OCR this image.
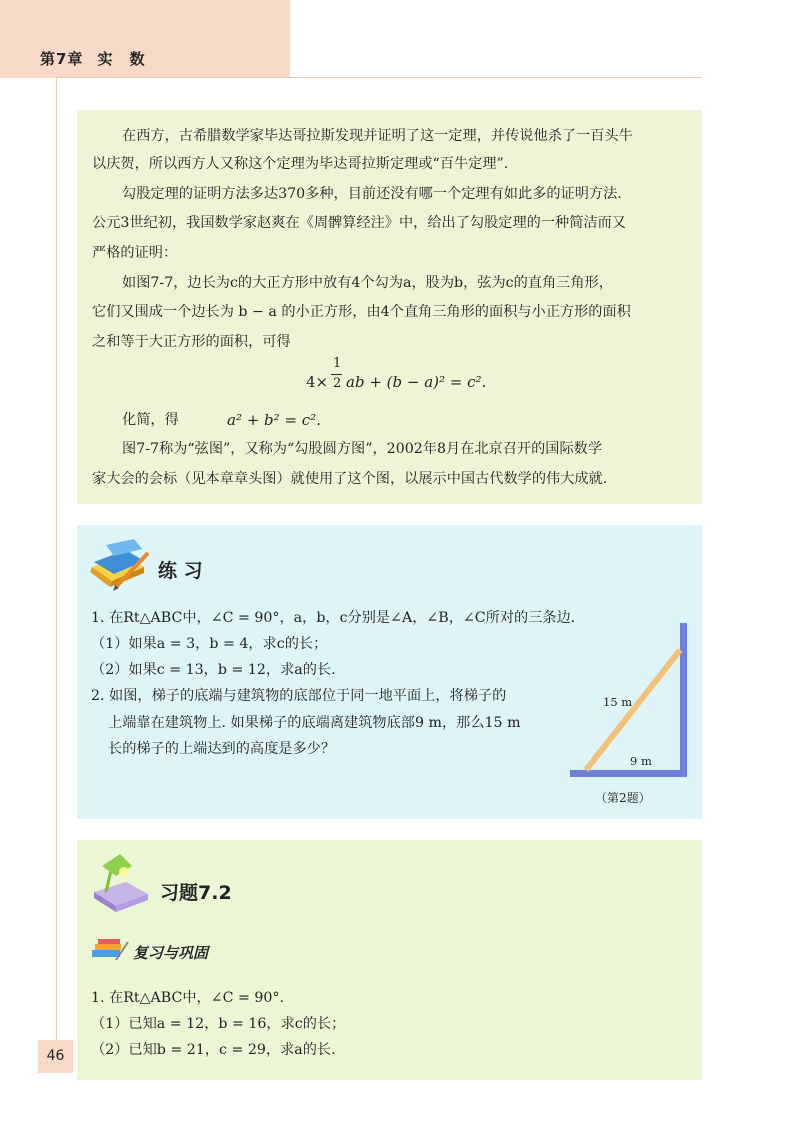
第7章 实　数
在西方，古希腊数学家毕达哥拉斯发现并证明了这一定理，并传说他杀了一百头牛
以庆贺，所以西方人又称这个定理为毕达哥拉斯定理或“百牛定理”.
勾股定理的证明方法多达370多种，目前还没有哪一个定理有如此多的证明方法.
公元3世纪初，我国数学家赵爽在《周髀算经注》中，给出了勾股定理的一种简洁而又
严格的证明：
如图7-7，边长为c的大正方形中放有4个勾为a，股为b，弦为c的直角三角形，
它们又围成一个边长为 b − a 的小正方形，由4个直角三角形的面积与小正方形的面积
之和等于大正方形的面积，可得
4×
1
2 ab + (b − a)² = c².
化简，得	a² + b² = c².
图7-7称为“弦图”，又称为“勾股圆方图”，2002年8月在北京召开的国际数学
家大会的会标（见本章章头图）就使用了这个图，以展示中国古代数学的伟大成就.
练 习
1. 在Rt△ABC中，∠C = 90°，a，b，c分别是∠A，∠B，∠C所对的三条边.
（1）如果a = 3，b = 4，求c的长；
（2）如果c = 13，b = 12，求a的长.
2. 如图，梯子的底端与建筑物的底部位于同一地平面上，将梯子的
上端靠在建筑物上. 如果梯子的底端离建筑物底部9 m，那么15 m
长的梯子的上端达到的高度是多少？
15 m
9 m
（第2题）
习题7.2
复习与巩固
1. 在Rt△ABC中，∠C = 90°.
（1）已知a = 12，b = 16，求c的长；
（2）已知b = 21，c = 29，求a的长.
46
